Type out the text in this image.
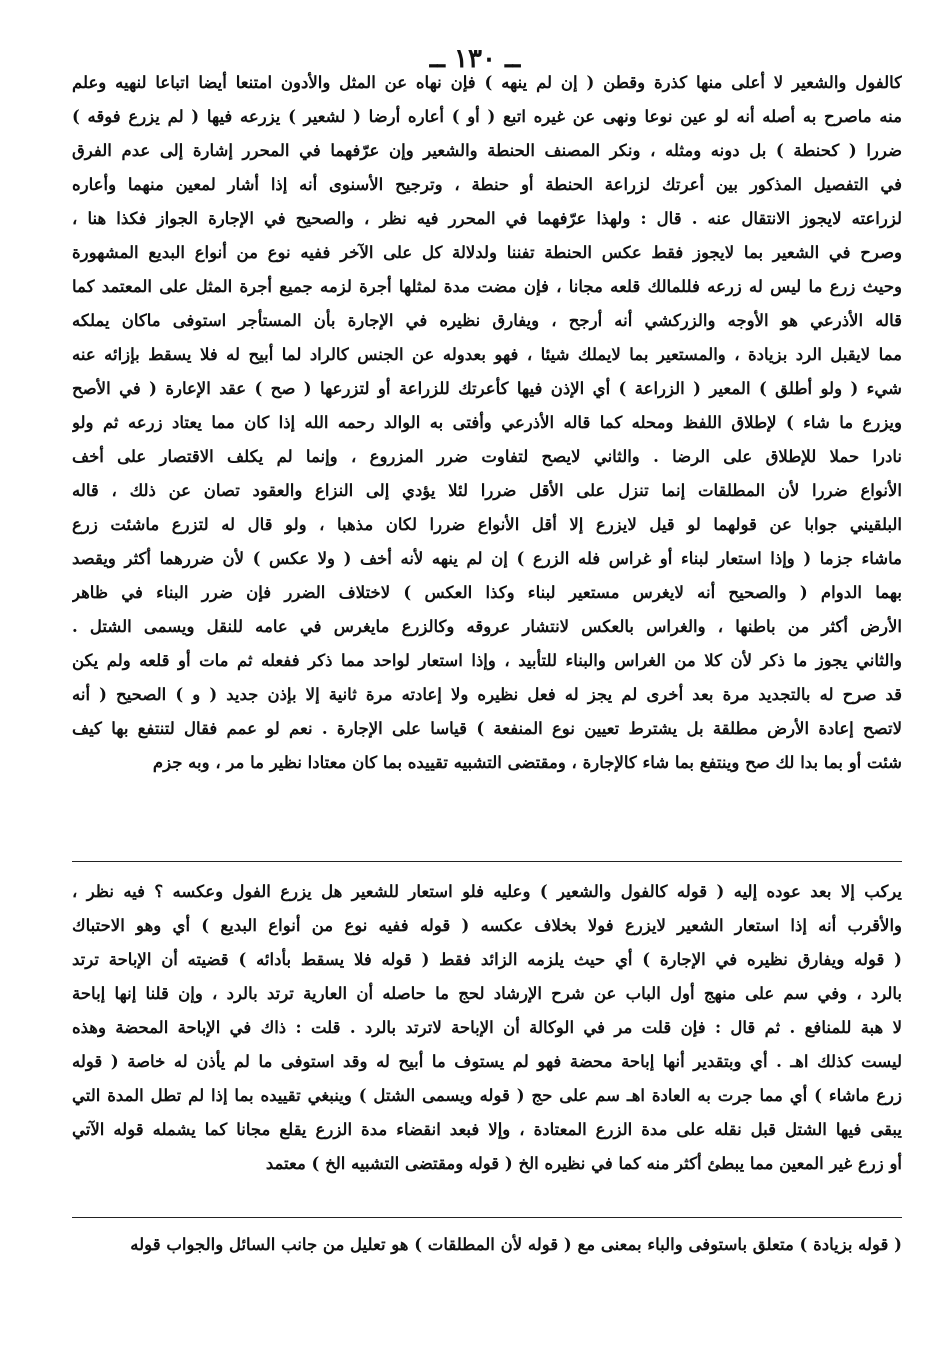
ــ ١٣٠ ــ
كالفول والشعير لا أعلى منها كذرة وقطن ( إن لم ينهه ) فإن نهاه عن المثل والأدون امتنعا أيضا اتباعا لنهيه وعلم
منه ماصرح به أصله أنه لو عين نوعا ونهى عن غيره اتبع ( أو ) أعاره أرضا ( لشعير ) يزرعه فيها ( لم يزرع فوقه )
ضررا ( كحنطة ) بل دونه ومثله ، ونكر المصنف الحنطة والشعير وإن عرّفهما في المحرر إشارة إلى عدم الفرق
في التفصيل المذكور بين أعرتك لزراعة الحنطة أو حنطة ، وترجيح الأسنوى أنه إذا أشار لمعين منهما وأعاره
لزراعته لايجوز الانتقال عنه . قال : ولهذا عرّفهما في المحرر فيه نظر ، والصحيح في الإجارة الجواز فكذا هنا ،
وصرح في الشعير بما لايجوز فقط عكس الحنطة تفننا ولدلالة كل على الآخر ففيه نوع من أنواع البديع المشهورة
وحيث زرع ما ليس له زرعه فللمالك قلعه مجانا ، فإن مضت مدة لمثلها أجرة لزمه جميع أجرة المثل على المعتمد كما
قاله الأذرعي هو الأوجه والزركشي أنه أرجح ، ويفارق نظيره في الإجارة بأن المستأجر استوفى ماكان يملكه
مما لايقبل الرد بزيادة ، والمستعير بما لايملك شيئا ، فهو بعدوله عن الجنس كالراد لما أبيح له فلا يسقط بإزائه عنه
شيء ( ولو أطلق ) المعير ( الزراعة ) أي الإذن فيها كأعرتك للزراعة أو لتزرعها ( صح ) عقد الإعارة ( في الأصح
ويزرع ما شاء ) لإطلاق اللفظ ومحله كما قاله الأذرعي وأفتى به الوالد رحمه الله إذا كان مما يعتاد زرعه ثم ولو
نادرا حملا للإطلاق على الرضا . والثاني لايصح لتفاوت ضرر المزروع ، وإنما لم يكلف الاقتصار على أخف
الأنواع ضررا لأن المطلقات إنما تنزل على الأقل ضررا لئلا يؤدي إلى النزاع والعقود تصان عن ذلك ، قاله
البلقيني جوابا عن قولهما لو قيل لايزرع إلا أقل الأنواع ضررا لكان مذهبا ، ولو قال له لتزرع ماشئت زرع
ماشاء جزما ( وإذا استعار لبناء أو غراس فله الزرع ) إن لم ينهه لأنه أخف ( ولا عكس ) لأن ضررهما أكثر ويقصد
بهما الدوام ( والصحيح أنه لايغرس مستعير لبناء وكذا العكس ) لاختلاف الضرر فإن ضرر البناء في ظاهر
الأرض أكثر من باطنها ، والغراس بالعكس لانتشار عروقه وكالزرع مايغرس في عامه للنقل ويسمى الشتل .
والثاني يجوز ما ذكر لأن كلا من الغراس والبناء للتأبيد ، وإذا استعار لواحد مما ذكر ففعله ثم مات أو قلعه ولم يكن
قد صرح له بالتجديد مرة بعد أخرى لم يجز له فعل نظيره ولا إعادته مرة ثانية إلا بإذن جديد ( و ) الصحيح ( أنه
لاتصح إعادة الأرض مطلقة بل يشترط تعيين نوع المنفعة ) قياسا على الإجارة . نعم لو عمم فقال لتنتفع بها كيف
شئت أو بما بدا لك صح وينتفع بما شاء كالإجارة ، ومقتضى التشبيه تقييده بما كان معتادا نظير ما مر ، وبه جزم
يركب إلا بعد عوده إليه ( قوله كالفول والشعير ) وعليه فلو استعار للشعير هل يزرع الفول وعكسه ؟ فيه نظر ،
والأقرب أنه إذا استعار الشعير لايزرع فولا بخلاف عكسه ( قوله ففيه نوع من أنواع البديع ) أي وهو الاحتباك
( قوله ويفارق نظيره في الإجارة ) أي حيث يلزمه الزائد فقط ( قوله فلا يسقط بأدائه ) قضيته أن الإباحة ترتد
بالرد ، وفي سم على منهج أول الباب عن شرح الإرشاد لحج ما حاصله أن العارية ترتد بالرد ، وإن قلنا إنها إباحة
لا هبة للمنافع . ثم قال : فإن قلت مر في الوكالة أن الإباحة لاترتد بالرد . قلت : ذاك في الإباحة المحضة وهذه
ليست كذلك اهـ . أي وبتقدير أنها إباحة محضة فهو لم يستوف ما أبيح له وقد استوفى ما لم يأذن له خاصة ( قوله
زرع ماشاء ) أي مما جرت به العادة اهـ سم على حج ( قوله ويسمى الشتل ) وينبغي تقييده بما إذا لم تطل المدة التي
يبقى فيها الشتل قبل نقله على مدة الزرع المعتادة ، وإلا فبعد انقضاء مدة الزرع يقلع مجانا كما يشمله قوله الآتي
أو زرع غير المعين مما يبطئ أكثر منه كما في نظيره الخ ( قوله ومقتضى التشبيه الخ ) معتمد
( قوله بزيادة ) متعلق باستوفى والباء بمعنى مع ( قوله لأن المطلقات ) هو تعليل من جانب السائل والجواب قوله
